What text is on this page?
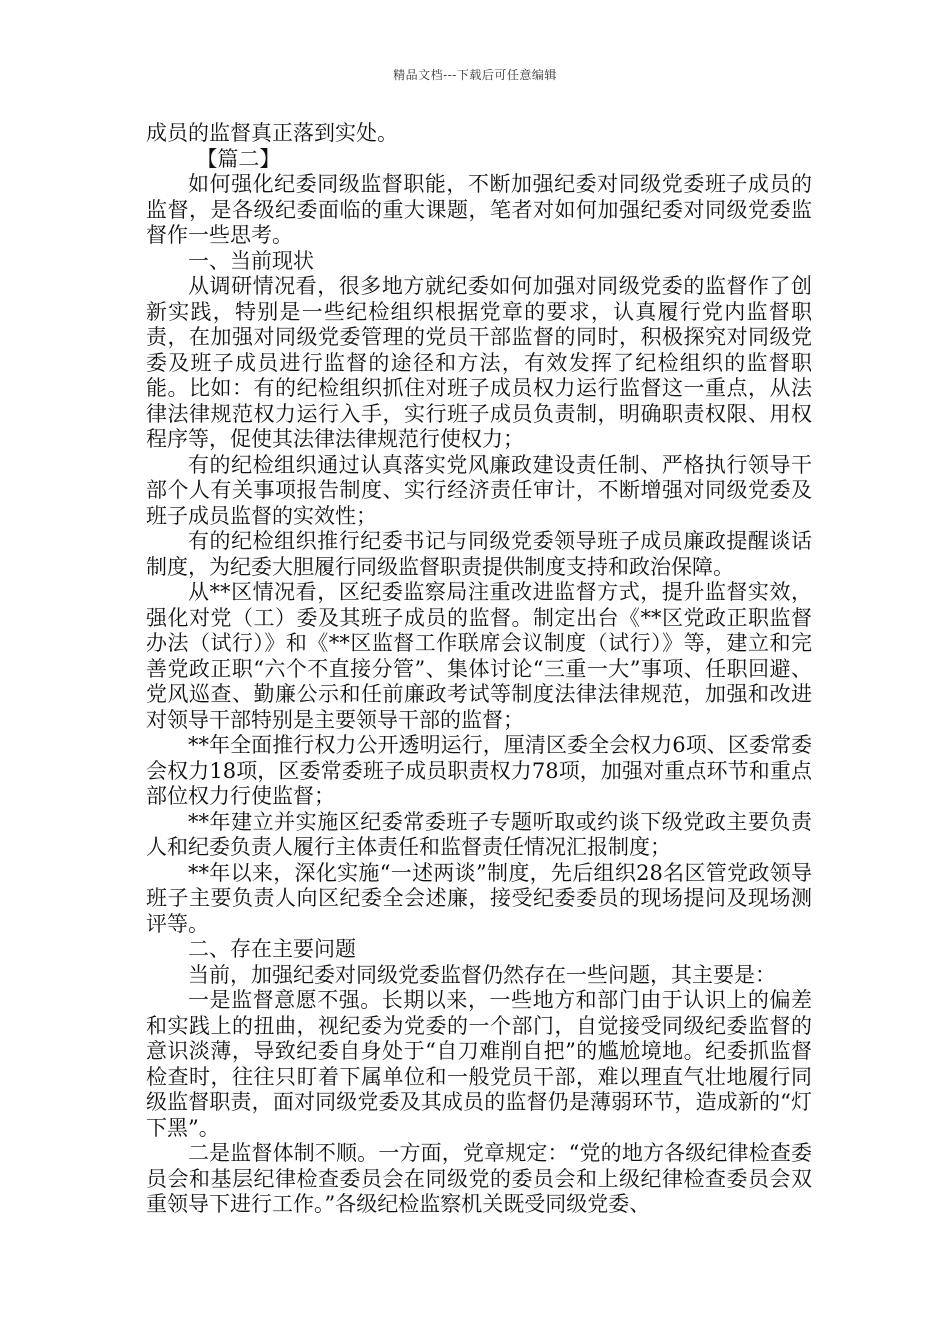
精品文档---下载后可任意编辑

成员的监督真正落到实处。

【篇二】

如何强化纪委同级监督职能，不断加强纪委对同级党委班子成员的监督，是各级纪委面临的重大课题，笔者对如何加强纪委对同级党委监督作一些思考。

一、当前现状

从调研情况看，很多地方就纪委如何加强对同级党委的监督作了创新实践，特别是一些纪检组织根据党章的要求，认真履行党内监督职责，在加强对同级党委管理的党员干部监督的同时，积极探究对同级党委及班子成员进行监督的途径和方法，有效发挥了纪检组织的监督职能。比如：有的纪检组织抓住对班子成员权力运行监督这一重点，从法律法律规范权力运行入手，实行班子成员负责制，明确职责权限、用权程序等，促使其法律法律规范行使权力；

有的纪检组织通过认真落实党风廉政建设责任制、严格执行领导干部个人有关事项报告制度、实行经济责任审计，不断增强对同级党委及班子成员监督的实效性；

有的纪检组织推行纪委书记与同级党委领导班子成员廉政提醒谈话制度，为纪委大胆履行同级监督职责提供制度支持和政治保障。

从**区情况看，区纪委监察局注重改进监督方式，提升监督实效，强化对党（工）委及其班子成员的监督。制定出台《**区党政正职监督办法（试行）》和《**区监督工作联席会议制度（试行）》等，建立和完善党政正职“六个不直接分管”、集体讨论“三重一大”事项、任职回避、党风巡查、勤廉公示和任前廉政考试等制度法律法律规范，加强和改进对领导干部特别是主要领导干部的监督；

**年全面推行权力公开透明运行，厘清区委全会权力6项、区委常委会权力18项，区委常委班子成员职责权力78项，加强对重点环节和重点部位权力行使监督；

**年建立并实施区纪委常委班子专题听取或约谈下级党政主要负责人和纪委负责人履行主体责任和监督责任情况汇报制度；

**年以来，深化实施“一述两谈”制度，先后组织28名区管党政领导班子主要负责人向区纪委全会述廉，接受纪委委员的现场提问及现场测评等。

二、存在主要问题

当前，加强纪委对同级党委监督仍然存在一些问题，其主要是：

一是监督意愿不强。长期以来，一些地方和部门由于认识上的偏差和实践上的扭曲，视纪委为党委的一个部门，自觉接受同级纪委监督的意识淡薄，导致纪委自身处于“自刀难削自把”的尴尬境地。纪委抓监督检查时，往往只盯着下属单位和一般党员干部，难以理直气壮地履行同级监督职责，面对同级党委及其成员的监督仍是薄弱环节，造成新的“灯下黑”。

二是监督体制不顺。一方面，党章规定：“党的地方各级纪律检查委员会和基层纪律检查委员会在同级党的委员会和上级纪律检查委员会双重领导下进行工作。”各级纪检监察机关既受同级党委、
